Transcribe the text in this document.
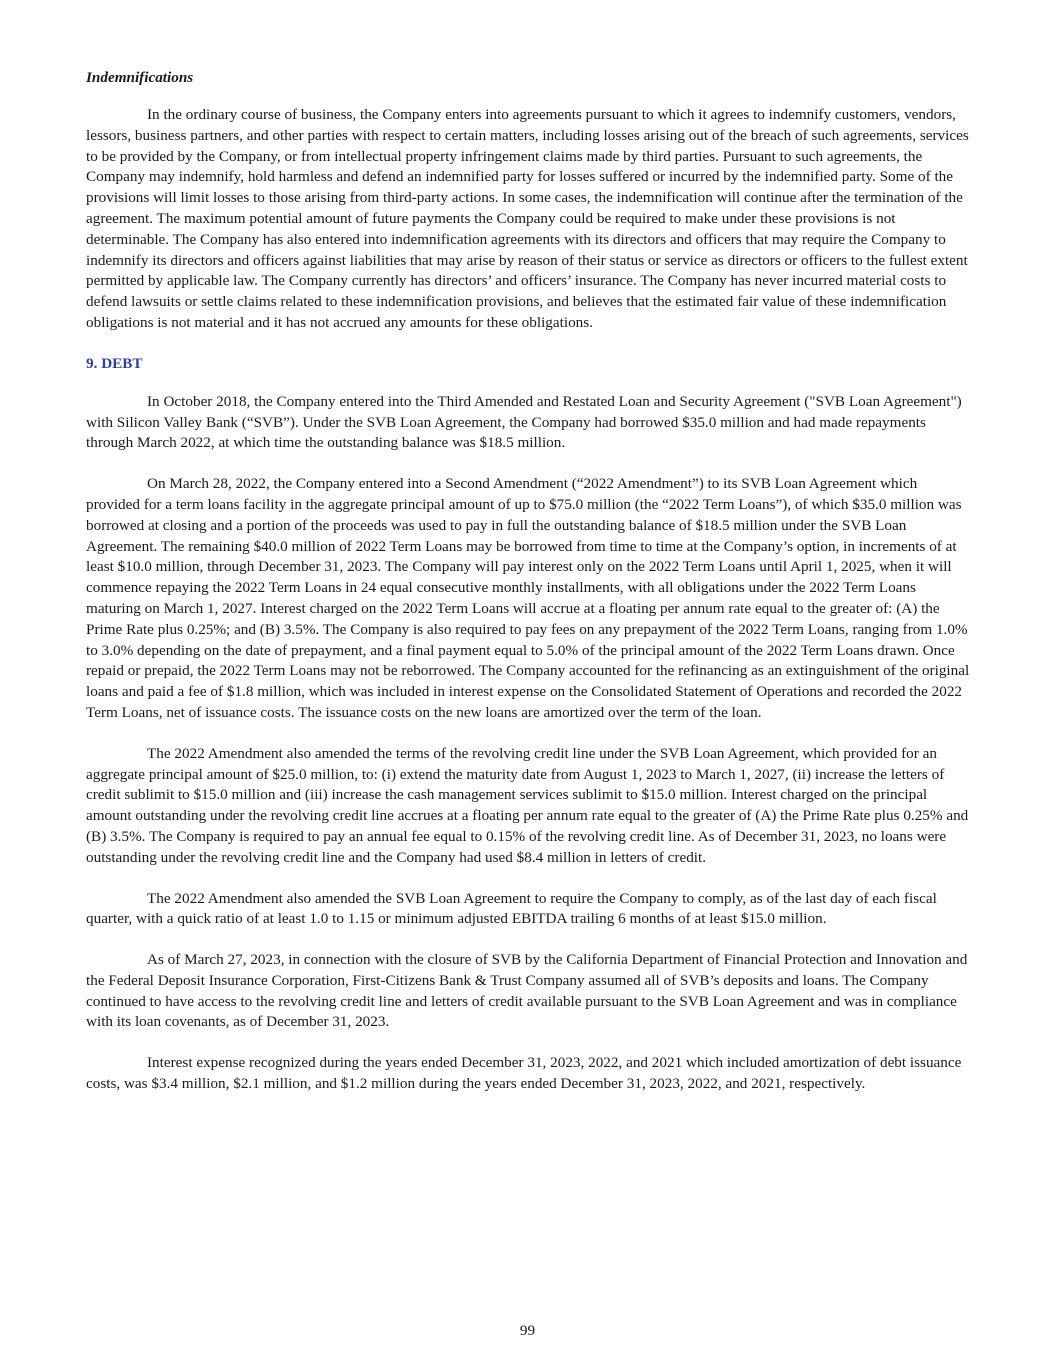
Indemnifications

In the ordinary course of business, the Company enters into agreements pursuant to which it agrees to indemnify customers, vendors, lessors, business partners, and other parties with respect to certain matters, including losses arising out of the breach of such agreements, services to be provided by the Company, or from intellectual property infringement claims made by third parties. Pursuant to such agreements, the Company may indemnify, hold harmless and defend an indemnified party for losses suffered or incurred by the indemnified party. Some of the provisions will limit losses to those arising from third-party actions. In some cases, the indemnification will continue after the termination of the agreement. The maximum potential amount of future payments the Company could be required to make under these provisions is not determinable. The Company has also entered into indemnification agreements with its directors and officers that may require the Company to indemnify its directors and officers against liabilities that may arise by reason of their status or service as directors or officers to the fullest extent permitted by applicable law. The Company currently has directors’ and officers’ insurance. The Company has never incurred material costs to defend lawsuits or settle claims related to these indemnification provisions, and believes that the estimated fair value of these indemnification obligations is not material and it has not accrued any amounts for these obligations.

9. DEBT

In October 2018, the Company entered into the Third Amended and Restated Loan and Security Agreement ("SVB Loan Agreement") with Silicon Valley Bank (“SVB”). Under the SVB Loan Agreement, the Company had borrowed $35.0 million and had made repayments through March 2022, at which time the outstanding balance was $18.5 million.

On March 28, 2022, the Company entered into a Second Amendment (“2022 Amendment”) to its SVB Loan Agreement which provided for a term loans facility in the aggregate principal amount of up to $75.0 million (the “2022 Term Loans”), of which $35.0 million was borrowed at closing and a portion of the proceeds was used to pay in full the outstanding balance of $18.5 million under the SVB Loan Agreement. The remaining $40.0 million of 2022 Term Loans may be borrowed from time to time at the Company’s option, in increments of at least $10.0 million, through December 31, 2023. The Company will pay interest only on the 2022 Term Loans until April 1, 2025, when it will commence repaying the 2022 Term Loans in 24 equal consecutive monthly installments, with all obligations under the 2022 Term Loans maturing on March 1, 2027. Interest charged on the 2022 Term Loans will accrue at a floating per annum rate equal to the greater of: (A) the Prime Rate plus 0.25%; and (B) 3.5%. The Company is also required to pay fees on any prepayment of the 2022 Term Loans, ranging from 1.0% to 3.0% depending on the date of prepayment, and a final payment equal to 5.0% of the principal amount of the 2022 Term Loans drawn. Once repaid or prepaid, the 2022 Term Loans may not be reborrowed. The Company accounted for the refinancing as an extinguishment of the original loans and paid a fee of $1.8 million, which was included in interest expense on the Consolidated Statement of Operations and recorded the 2022 Term Loans, net of issuance costs. The issuance costs on the new loans are amortized over the term of the loan.

The 2022 Amendment also amended the terms of the revolving credit line under the SVB Loan Agreement, which provided for an aggregate principal amount of $25.0 million, to: (i) extend the maturity date from August 1, 2023 to March 1, 2027, (ii) increase the letters of credit sublimit to $15.0 million and (iii) increase the cash management services sublimit to $15.0 million. Interest charged on the principal amount outstanding under the revolving credit line accrues at a floating per annum rate equal to the greater of (A) the Prime Rate plus 0.25% and (B) 3.5%. The Company is required to pay an annual fee equal to 0.15% of the revolving credit line. As of December 31, 2023, no loans were outstanding under the revolving credit line and the Company had used $8.4 million in letters of credit.

The 2022 Amendment also amended the SVB Loan Agreement to require the Company to comply, as of the last day of each fiscal quarter, with a quick ratio of at least 1.0 to 1.15 or minimum adjusted EBITDA trailing 6 months of at least $15.0 million.

As of March 27, 2023, in connection with the closure of SVB by the California Department of Financial Protection and Innovation and the Federal Deposit Insurance Corporation, First-Citizens Bank & Trust Company assumed all of SVB’s deposits and loans. The Company continued to have access to the revolving credit line and letters of credit available pursuant to the SVB Loan Agreement and was in compliance with its loan covenants, as of December 31, 2023.

Interest expense recognized during the years ended December 31, 2023, 2022, and 2021 which included amortization of debt issuance costs, was $3.4 million, $2.1 million, and $1.2 million during the years ended December 31, 2023, 2022, and 2021, respectively.

99
